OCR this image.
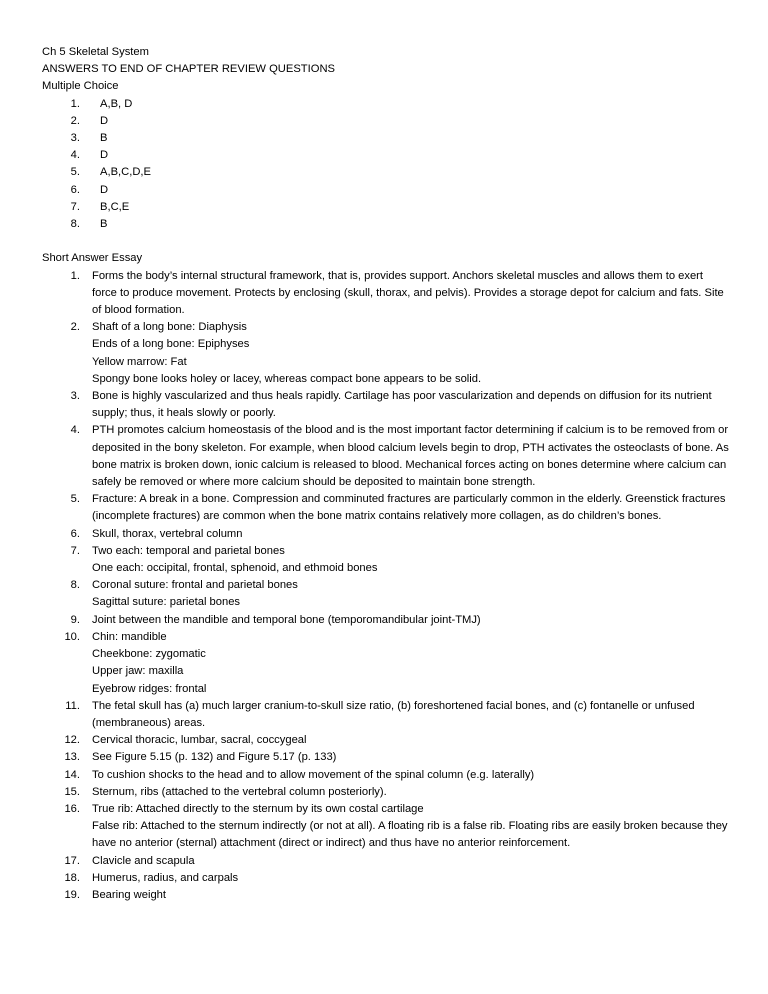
Ch 5 Skeletal System
ANSWERS TO END OF CHAPTER REVIEW QUESTIONS
Multiple Choice
1. A,B, D
2. D
3. B
4. D
5. A,B,C,D,E
6. D
7. B,C,E
8. B
Short Answer Essay
1. Forms the body’s internal structural framework, that is, provides support. Anchors skeletal muscles and allows them to exert force to produce movement. Protects by enclosing (skull, thorax, and pelvis). Provides a storage depot for calcium and fats. Site of blood formation.
2. Shaft of a long bone: Diaphysis
Ends of a long bone: Epiphyses
Yellow marrow: Fat
Spongy bone looks holey or lacey, whereas compact bone appears to be solid.
3. Bone is highly vascularized and thus heals rapidly. Cartilage has poor vascularization and depends on diffusion for its nutrient supply; thus, it heals slowly or poorly.
4. PTH promotes calcium homeostasis of the blood and is the most important factor determining if calcium is to be removed from or deposited in the bony skeleton. For example, when blood calcium levels begin to drop, PTH activates the osteoclasts of bone. As bone matrix is broken down, ionic calcium is released to blood. Mechanical forces acting on bones determine where calcium can safely be removed or where more calcium should be deposited to maintain bone strength.
5. Fracture: A break in a bone. Compression and comminuted fractures are particularly common in the elderly. Greenstick fractures (incomplete fractures) are common when the bone matrix contains relatively more collagen, as do children’s bones.
6. Skull, thorax, vertebral column
7. Two each: temporal and parietal bones
One each: occipital, frontal, sphenoid, and ethmoid bones
8. Coronal suture: frontal and parietal bones
Sagittal suture: parietal bones
9. Joint between the mandible and temporal bone (temporomandibular joint-TMJ)
10. Chin: mandible
Cheekbone: zygomatic
Upper jaw: maxilla
Eyebrow ridges: frontal
11. The fetal skull has (a) much larger cranium-to-skull size ratio, (b) foreshortened facial bones, and (c) fontanelle or unfused (membraneous) areas.
12. Cervical thoracic, lumbar, sacral, coccygeal
13. See Figure 5.15 (p. 132) and Figure 5.17 (p. 133)
14. To cushion shocks to the head and to allow movement of the spinal column (e.g. laterally)
15. Sternum, ribs (attached to the vertebral column posteriorly).
16. True rib: Attached directly to the sternum by its own costal cartilage
False rib: Attached to the sternum indirectly (or not at all). A floating rib is a false rib. Floating ribs are easily broken because they have no anterior (sternal) attachment (direct or indirect) and thus have no anterior reinforcement.
17. Clavicle and scapula
18. Humerus, radius, and carpals
19. Bearing weight
